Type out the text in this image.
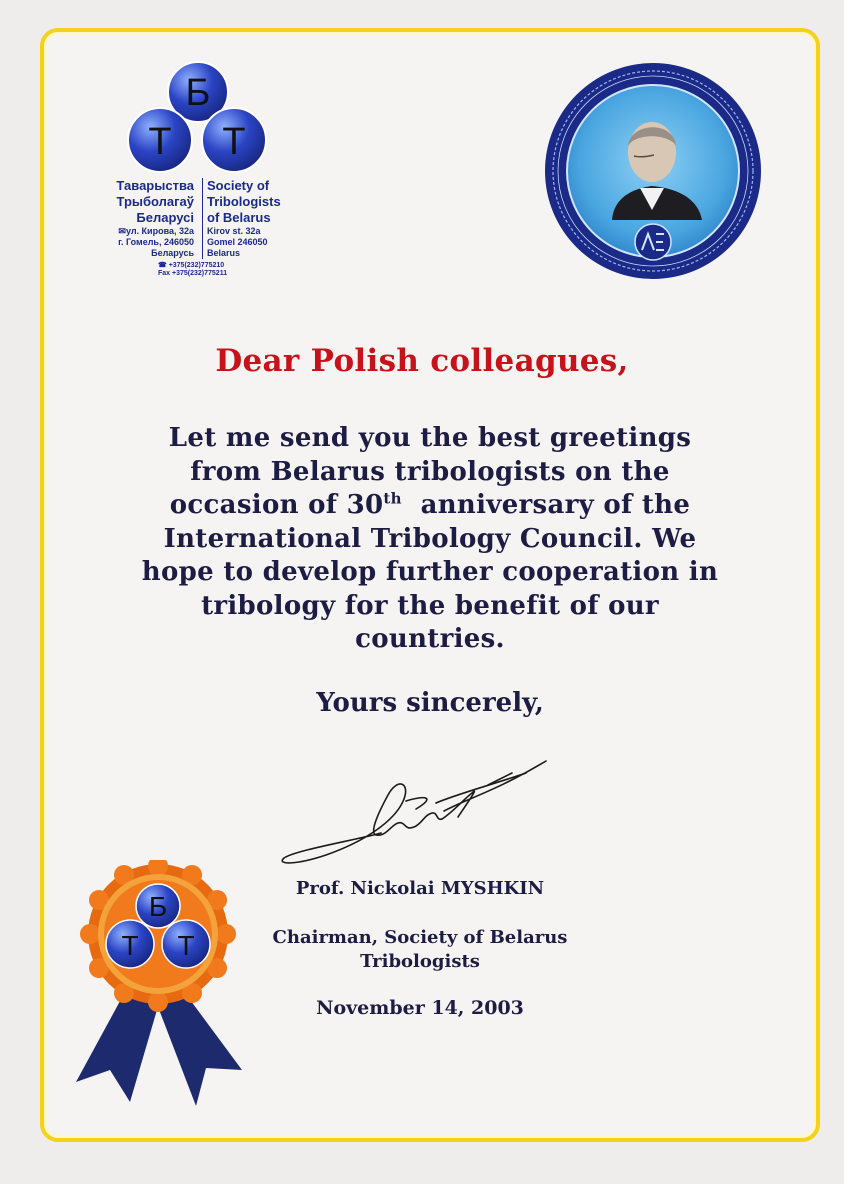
Б
Т Т
Таварыства
Трыболагаў
Беларусі
✉ул. Кирова, 32а
г. Гомель, 246050
Беларусь
Society of
Tribologists
of Belarus
Kirov st. 32a
Gomel 246050
Belarus
☎ +375(232)775210
Fax +375(232)775211
Dear Polish colleagues,
Let me send you the best greetings
from Belarus tribologists on the
occasion of 30th anniversary of the
International Tribology Council. We
hope to develop further cooperation in
tribology for the benefit of our
countries.
Yours sincerely,
Prof. Nickolai MYSHKIN
Chairman, Society of Belarus
Tribologists
November 14, 2003
Б
Т Т
